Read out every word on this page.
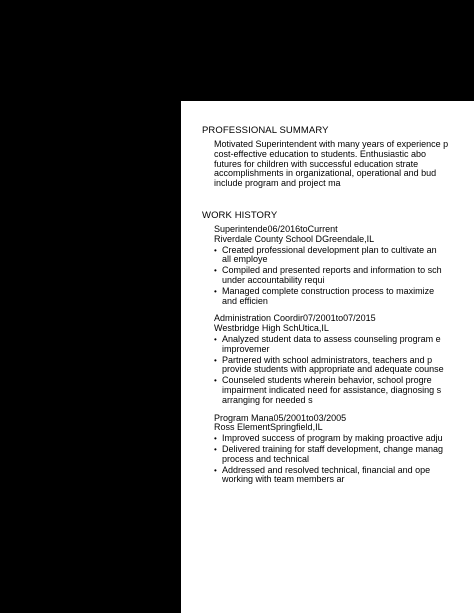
PROFESSIONAL SUMMARY
Motivated Superintendent with many years of experience p
cost-effective education to students. Enthusiastic abo
futures for children with successful education strate
accomplishments in organizational, operational and bud
include program and project ma
WORK HISTORY
Superintende06/2016toCurrent
Riverdale County School DGreendale,IL
• Created professional development plan to cultivate an
all employe
• Compiled and presented reports and information to sch
under accountability requi
• Managed complete construction process to maximize
and efficien
Administration Coordir07/2001to07/2015
Westbridge High SchUtica,IL
• Analyzed student data to assess counseling program e
improvemer
• Partnered with school administrators, teachers and p
provide students with appropriate and adequate counse
• Counseled students wherein behavior, school progre
impairment indicated need for assistance, diagnosing s
arranging for needed s
Program Mana05/2001to03/2005
Ross ElementSpringfield,IL
• Improved success of program by making proactive adju
• Delivered training for staff development, change manag
process and technical
• Addressed and resolved technical, financial and ope
working with team members ar
